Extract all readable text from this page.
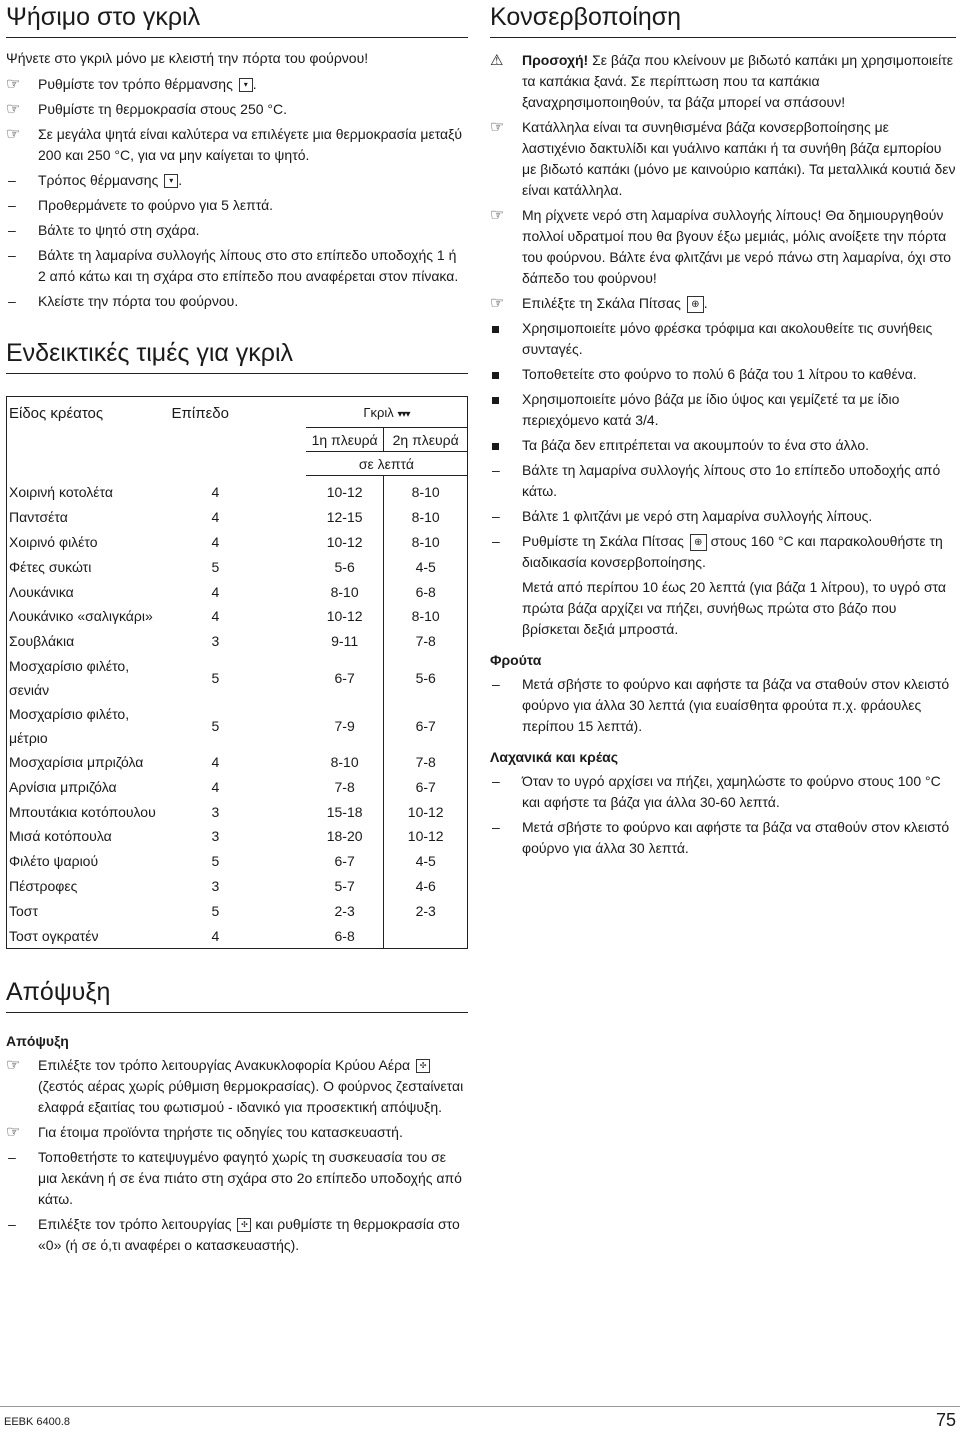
Ψήσιμο στο γκριλ

Ψήνετε στο γκριλ μόνο με κλειστή την πόρτα του φούρνου!

☞	Ρυθμίστε τον τρόπο θέρμανσης ▾ .
☞	Ρυθμίστε τη θερμοκρασία στους 250 °C.
☞	Σε μεγάλα ψητά είναι καλύτερα να επιλέγετε μια θερμοκρασία μεταξύ 200 και 250 °C, για να μην καίγεται το ψητό.
–	Τρόπος θέρμανσης ▾ .
–	Προθερμάνετε το φούρνο για 5 λεπτά.
–	Βάλτε το ψητό στη σχάρα.
–	Βάλτε τη λαμαρίνα συλλογής λίπους στο στο επίπεδο υποδοχής 1 ή 2 από κάτω και τη σχάρα στο επίπεδο που αναφέρεται στον πίνακα.
–	Κλείστε την πόρτα του φούρνου.
Ενδεικτικές τιμές για γκριλ
Είδος κρέατος	Επίπεδο	Γκριλ ▾▾▾	
		1η πλευρά	2η πλευρά
		σε λεπτά	
Χοιρινή κοτολέτα	4	10-12	8-10
Παντσέτα	4	12-15	8-10
Χοιρινό φιλέτο	4	10-12	8-10
Φέτες συκώτι	5	5-6	4-5
Λουκάνικα	4	8-10	6-8
Λουκάνικο «σαλιγκάρι»	4	10-12	8-10
Σουβλάκια	3	9-11	7-8
Μοσχαρίσιο φιλέτο, σενιάν	5	6-7	5-6
Μοσχαρίσιο φιλέτο, μέτριο	5	7-9	6-7
Μοσχαρίσια μπριζόλα	4	8-10	7-8
Αρνίσια μπριζόλα	4	7-8	6-7
Μπουτάκια κοτόπουλου	3	15-18	10-12
Μισά κοτόπουλα	3	18-20	10-12
Φιλέτο ψαριού	5	6-7	4-5
Πέστροφες	3	5-7	4-6
Τοστ	5	2-3	2-3
Τοστ ογκρατέν	4	6-8	
Απόψυξη
Απόψυξη
☞	Επιλέξτε τον τρόπο λειτουργίας Ανακυκλοφορία Κρύου Αέρα ✣ (ζεστός αέρας χωρίς ρύθμιση θερμοκρασίας). Ο φούρνος ζεσταίνεται ελαφρά εξαιτίας του φωτισμού - ιδανικό για προσεκτική απόψυξη.
☞	Για έτοιμα προϊόντα τηρήστε τις οδηγίες του κατασκευαστή.
–	Τοποθετήστε το κατεψυγμένο φαγητό χωρίς τη συσκευασία του σε μια λεκάνη ή σε ένα πιάτο στη σχάρα στο 2ο επίπεδο υποδοχής από κάτω.
–	Επιλέξτε τον τρόπο λειτουργίας ✣ και ρυθμίστε τη θερμοκρασία στο «0» (ή σε ό,τι αναφέρει ο κατασκευαστής).
Κονσερβοποίηση
⚠	Προσοχή! Σε βάζα που κλείνουν με βιδωτό καπάκι μη χρησιμοποιείτε τα καπάκια ξανά. Σε περίπτωση που τα καπάκια ξαναχρησιμοποιηθούν, τα βάζα μπορεί να σπάσουν!
☞	Κατάλληλα είναι τα συνηθισμένα βάζα κονσερβοποίησης με λαστιχένιο δακτυλίδι και γυάλινο καπάκι ή τα συνήθη βάζα εμπορίου με βιδωτό καπάκι (μόνο με καινούριο καπάκι). Τα μεταλλικά κουτιά δεν είναι κατάλληλα.
☞	Μη ρίχνετε νερό στη λαμαρίνα συλλογής λίπους! Θα δημιουργηθούν πολλοί υδρατμοί που θα βγουν έξω μεμιάς, μόλις ανοίξετε την πόρτα του φούρνου. Βάλτε ένα φλιτζάνι με νερό πάνω στη λαμαρίνα, όχι στο δάπεδο του φούρνου!
☞	Επιλέξτε τη Σκάλα Πίτσας ⊕ .
Χρησιμοποιείτε μόνο φρέσκα τρόφιμα και ακολουθείτε τις συνήθεις συνταγές.
Τοποθετείτε στο φούρνο το πολύ 6 βάζα του 1 λίτρου το καθένα.
Χρησιμοποιείτε μόνο βάζα με ίδιο ύψος και γεμίζετέ τα με ίδιο περιεχόμενο κατά 3/4.
Τα βάζα δεν επιτρέπεται να ακουμπούν το ένα στο άλλο.
–	Βάλτε τη λαμαρίνα συλλογής λίπους στο 1ο επίπεδο υποδοχής από κάτω.
–	Βάλτε 1 φλιτζάνι με νερό στη λαμαρίνα συλλογής λίπους.
–	Ρυθμίστε τη Σκάλα Πίτσας ⊕ στους 160 °C και παρακολουθήστε τη διαδικασία κονσερβοποίησης.

Μετά από περίπου 10 έως 20 λεπτά (για βάζα 1 λίτρου), το υγρό στα πρώτα βάζα αρχίζει να πήζει, συνήθως πρώτα στο βάζο που βρίσκεται δεξιά μπροστά.

Φρούτα
–	Μετά σβήστε το φούρνο και αφήστε τα βάζα να σταθούν στον κλειστό φούρνο για άλλα 30 λεπτά (για ευαίσθητα φρούτα π.χ. φράουλες περίπου 15 λεπτά).
Λαχανικά και κρέας
–	Όταν το υγρό αρχίσει να πήζει, χαμηλώστε το φούρνο στους 100 °C και αφήστε τα βάζα για άλλα 30-60 λεπτά.
–	Μετά σβήστε το φούρνο και αφήστε τα βάζα να σταθούν στον κλειστό φούρνο για άλλα 30 λεπτά.
EEBK 6400.8	75
